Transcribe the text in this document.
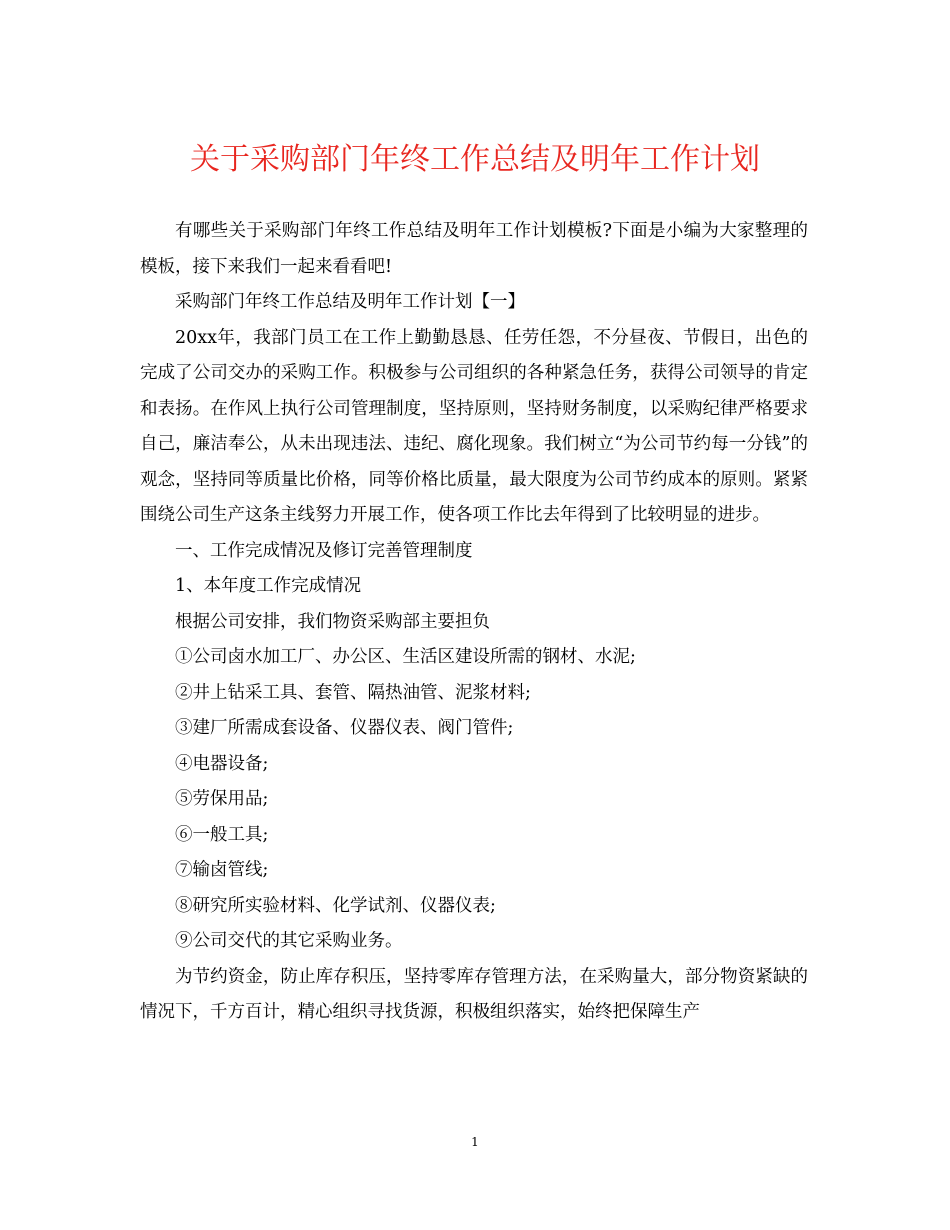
关于采购部门年终工作总结及明年工作计划

有哪些关于采购部门年终工作总结及明年工作计划模板?下面是小编为大家整理的模板，接下来我们一起来看看吧!

采购部门年终工作总结及明年工作计划【一】

20xx年，我部门员工在工作上勤勤恳恳、任劳任怨，不分昼夜、节假日，出色的完成了公司交办的采购工作。积极参与公司组织的各种紧急任务，获得公司领导的肯定和表扬。在作风上执行公司管理制度，坚持原则，坚持财务制度，以采购纪律严格要求自己，廉洁奉公，从未出现违法、违纪、腐化现象。我们树立“为公司节约每一分钱”的观念，坚持同等质量比价格，同等价格比质量，最大限度为公司节约成本的原则。紧紧围绕公司生产这条主线努力开展工作，使各项工作比去年得到了比较明显的进步。

一、工作完成情况及修订完善管理制度

1、本年度工作完成情况

根据公司安排，我们物资采购部主要担负

①公司卤水加工厂、办公区、生活区建设所需的钢材、水泥;

②井上钻采工具、套管、隔热油管、泥浆材料;

③建厂所需成套设备、仪器仪表、阀门管件;

④电器设备;

⑤劳保用品;

⑥一般工具;

⑦输卤管线;

⑧研究所实验材料、化学试剂、仪器仪表;

⑨公司交代的其它采购业务。

为节约资金，防止库存积压，坚持零库存管理方法，在采购量大，部分物资紧缺的情况下，千方百计，精心组织寻找货源，积极组织落实，始终把保障生产

1
